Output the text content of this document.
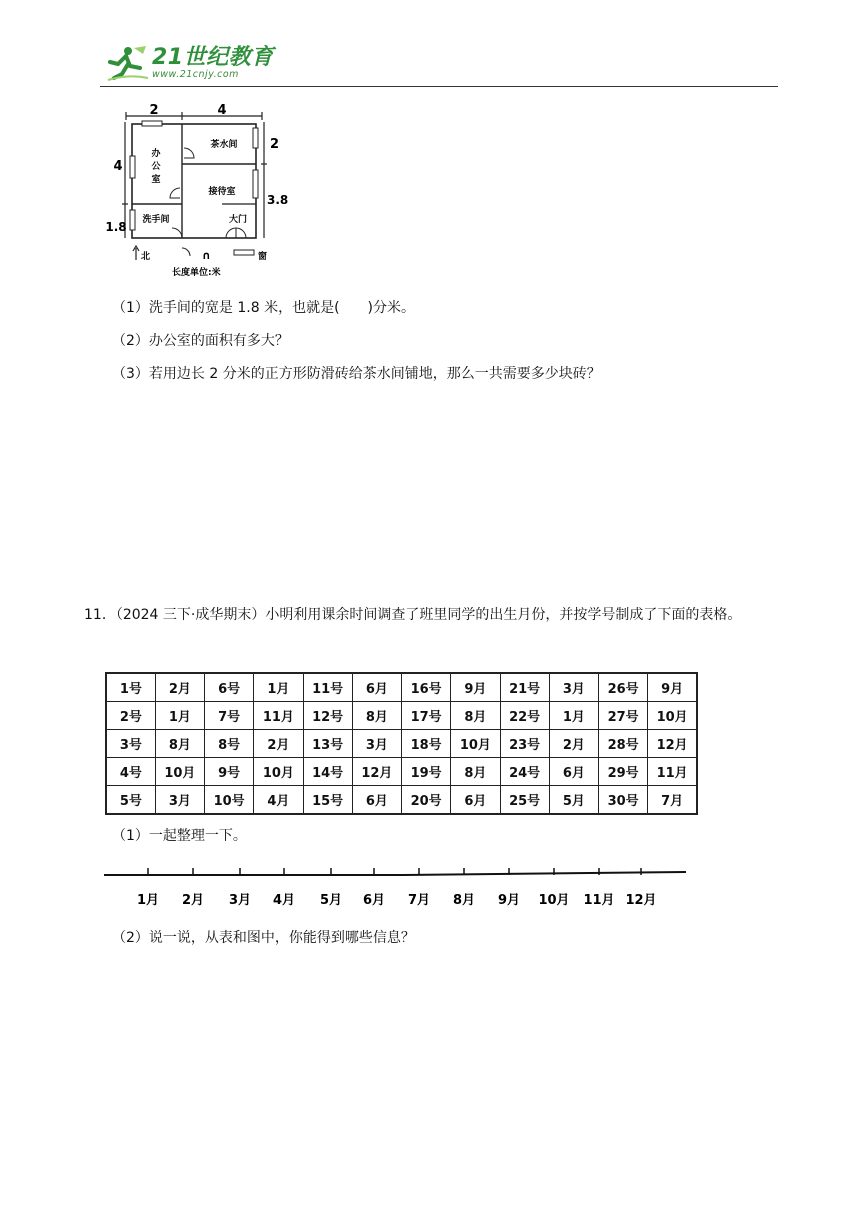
21世纪教育
www.21cnjy.com
2	4
4
1.8
2
3.8
办公室
茶水间
接待室
洗手间	大门
北	∩	窗
长度单位:米
（1）洗手间的宽是 1.8 米，也就是(　　)分米。
（2）办公室的面积有多大？
（3）若用边长 2 分米的正方形防滑砖给茶水间铺地，那么一共需要多少块砖？
11．（2024 三下·成华期末）小明利用课余时间调查了班里同学的出生月份，并按学号制成了下面的表格。
1号	2月	6号	1月	11号	6月	16号	9月	21号	3月	26号	9月
2号	1月	7号	11月	12号	8月	17号	8月	22号	1月	27号	10月
3号	8月	8号	2月	13号	3月	18号	10月	23号	2月	28号	12月
4号	10月	9号	10月	14号	12月	19号	8月	24号	6月	29号	11月
5号	3月	10号	4月	15号	6月	20号	6月	25号	5月	30号	7月
（1）一起整理一下。
1月 2月 3月 4月 5月 6月 7月 8月 9月 10月 11月 12月
（2）说一说，从表和图中，你能得到哪些信息？
